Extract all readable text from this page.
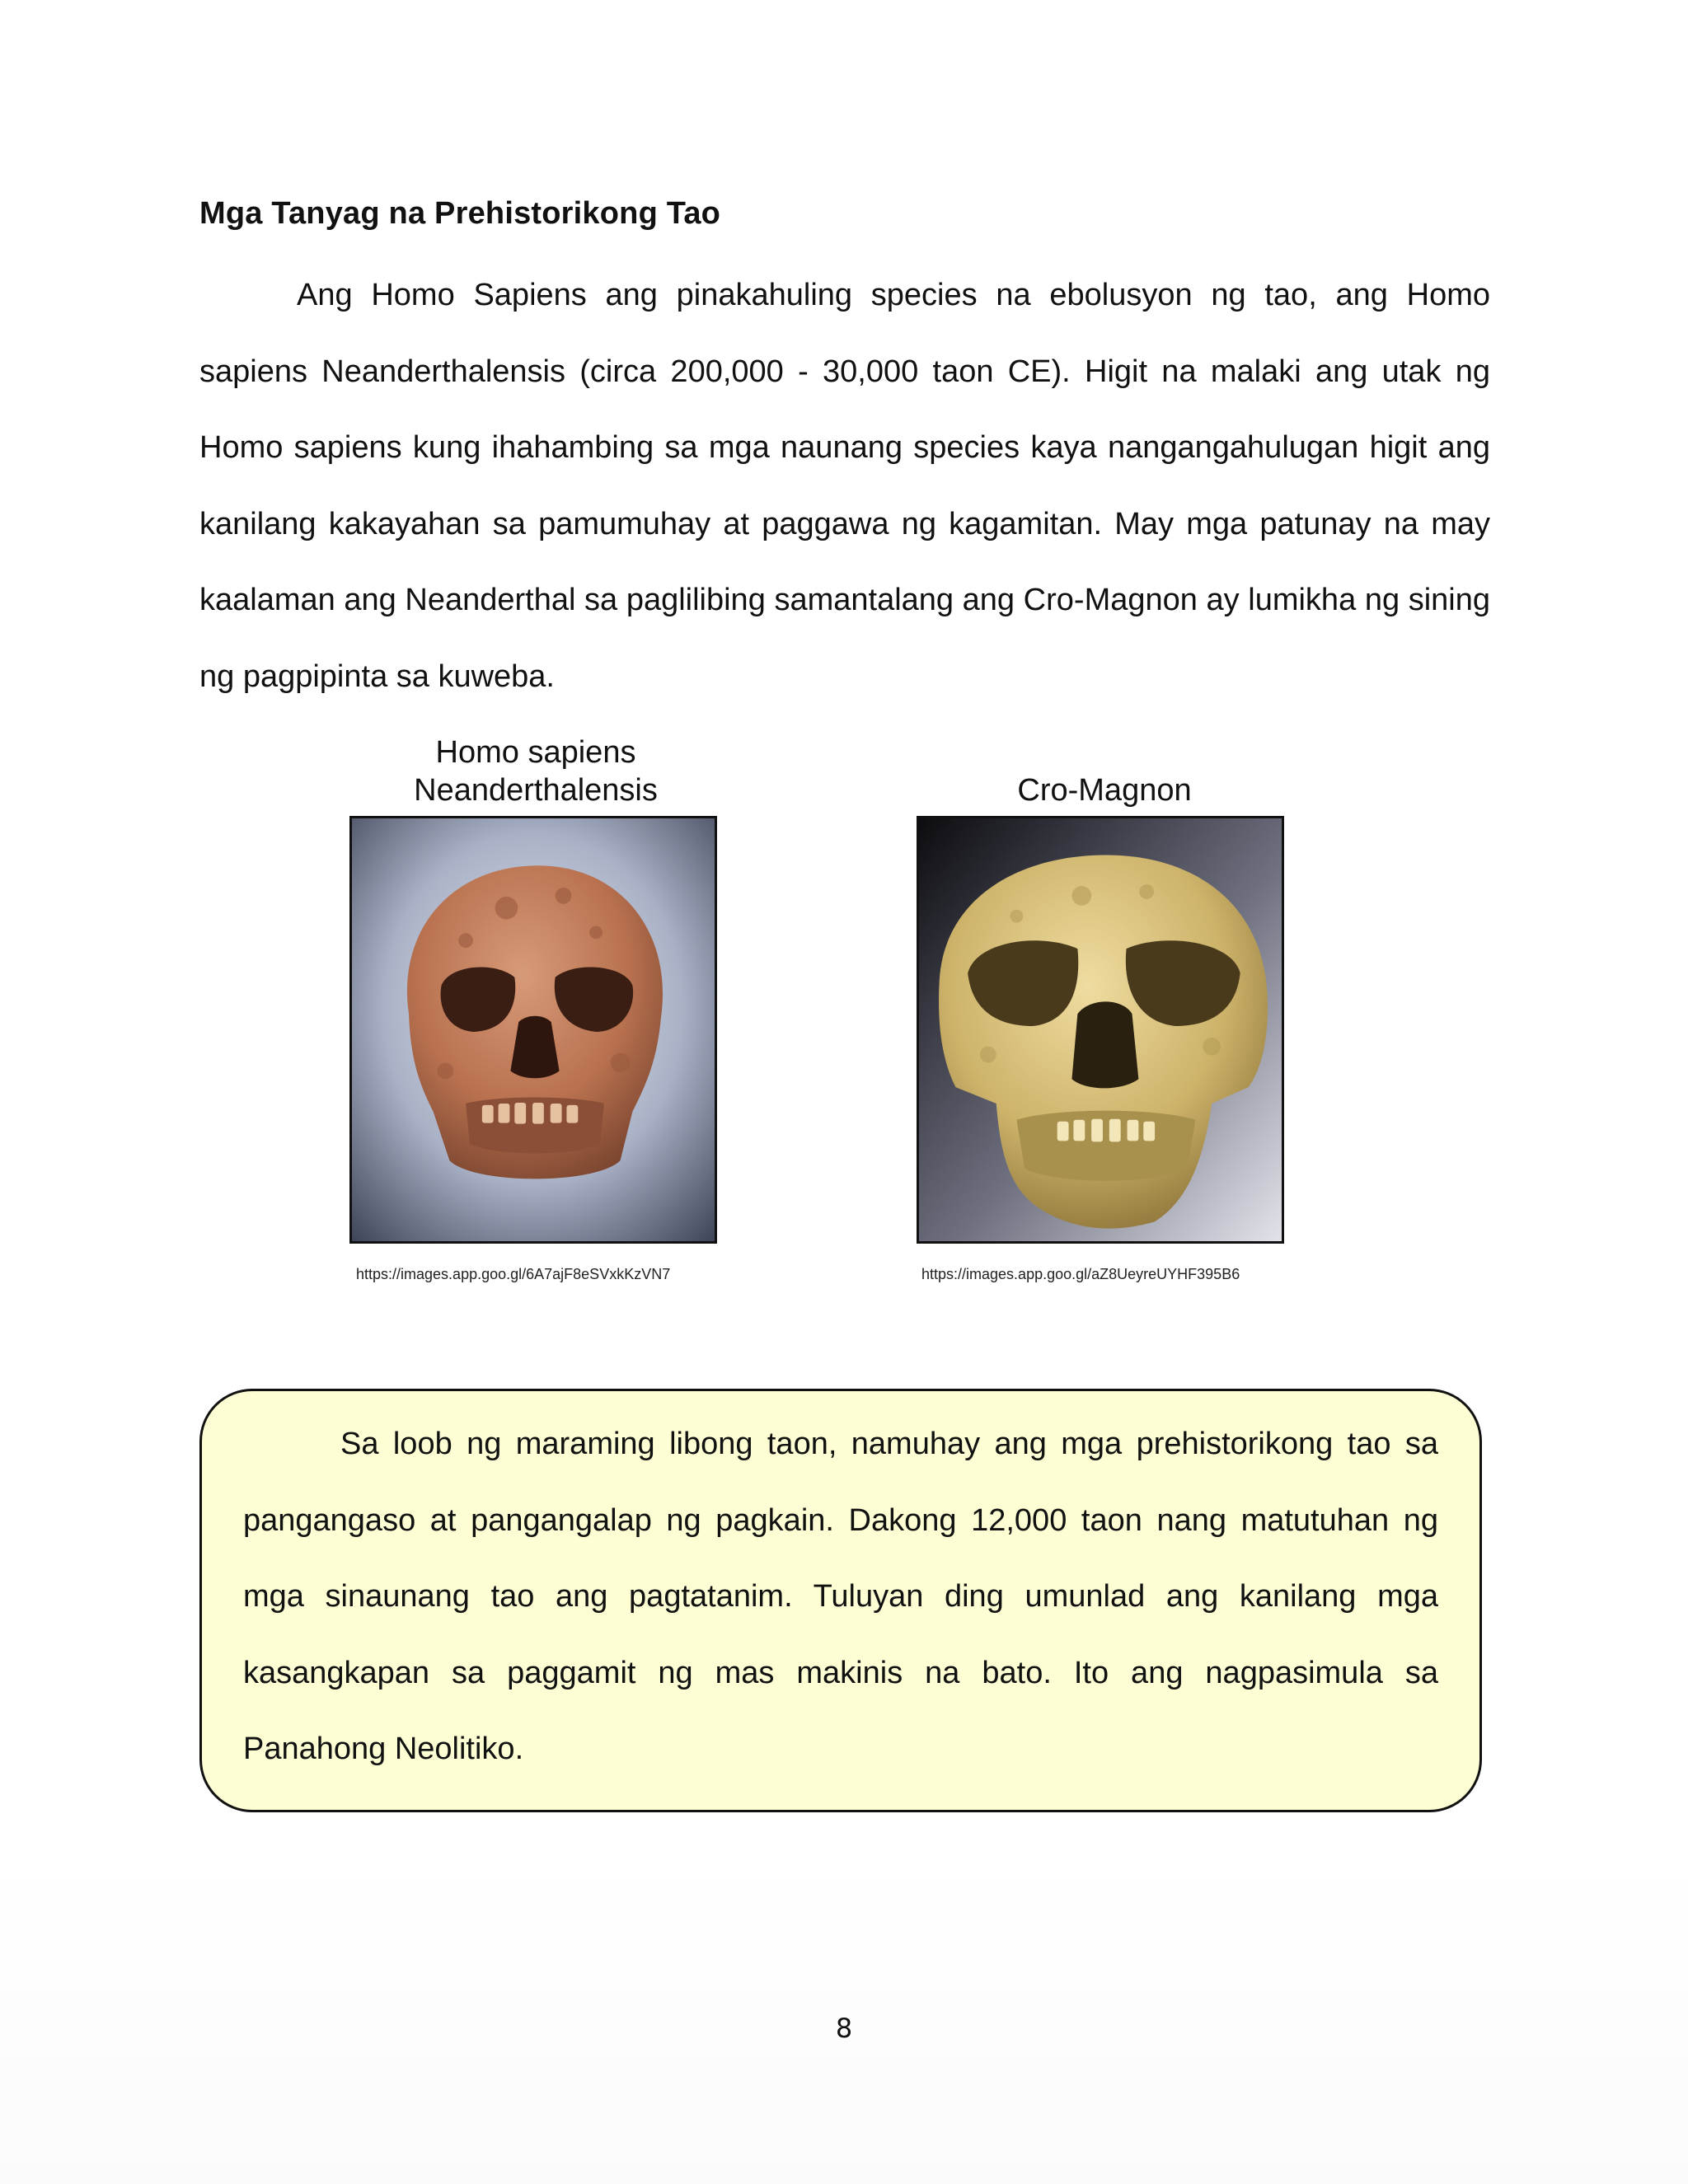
Mga Tanyag na Prehistorikong Tao

Ang Homo Sapiens ang pinakahuling species na ebolusyon ng tao, ang Homo sapiens Neanderthalensis (circa 200,000 - 30,000 taon CE). Higit na malaki ang utak ng Homo sapiens kung ihahambing sa mga naunang species kaya nangangahulugan higit ang kanilang kakayahan sa pamumuhay at paggawa ng kagamitan. May mga patunay na may kaalaman ang Neanderthal sa paglilibing samantalang ang Cro-Magnon ay lumikha ng sining ng pagpipinta sa kuweba.

Homo sapiens
Neanderthalensis	Cro-Magnon
https://images.app.goo.gl/6A7ajF8eSVxkKzVN7	https://images.app.goo.gl/aZ8UeyreUYHF395B6

Sa loob ng maraming libong taon, namuhay ang mga prehistorikong tao sa pangangaso at pangangalap ng pagkain. Dakong 12,000 taon nang matutuhan ng mga sinaunang tao ang pagtatanim. Tuluyan ding umunlad ang kanilang mga kasangkapan sa paggamit ng mas makinis na bato. Ito ang nagpasimula sa Panahong Neolitiko.

8
